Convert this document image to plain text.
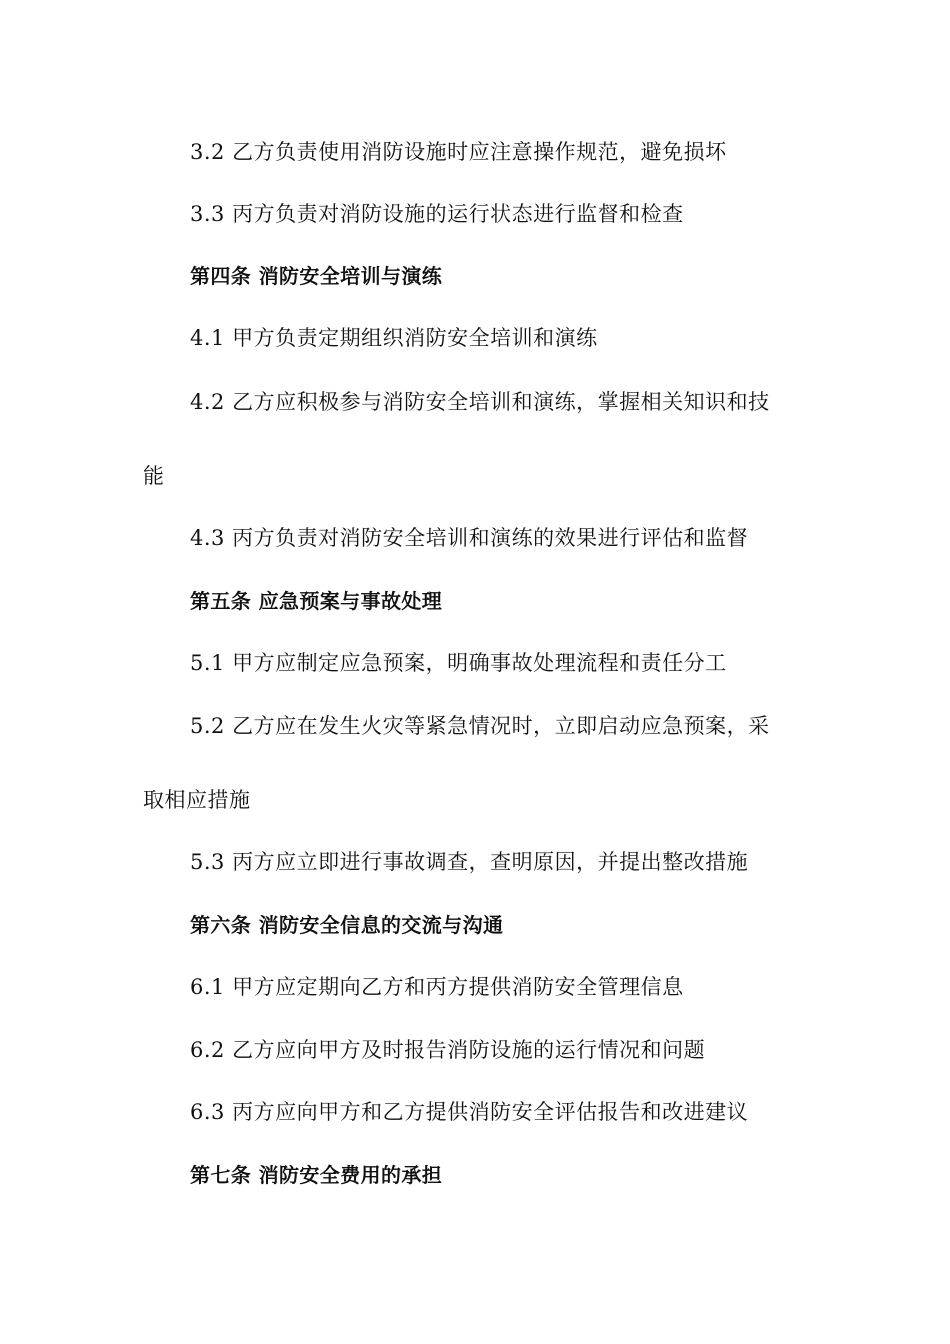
3.2 乙方负责使用消防设施时应注意操作规范，避免损坏
3.3 丙方负责对消防设施的运行状态进行监督和检查
第四条 消防安全培训与演练
4.1 甲方负责定期组织消防安全培训和演练
4.2 乙方应积极参与消防安全培训和演练，掌握相关知识和技
能
4.3 丙方负责对消防安全培训和演练的效果进行评估和监督
第五条 应急预案与事故处理
5.1 甲方应制定应急预案，明确事故处理流程和责任分工
5.2 乙方应在发生火灾等紧急情况时，立即启动应急预案，采
取相应措施
5.3 丙方应立即进行事故调查，查明原因，并提出整改措施
第六条 消防安全信息的交流与沟通
6.1 甲方应定期向乙方和丙方提供消防安全管理信息
6.2 乙方应向甲方及时报告消防设施的运行情况和问题
6.3 丙方应向甲方和乙方提供消防安全评估报告和改进建议
第七条 消防安全费用的承担
